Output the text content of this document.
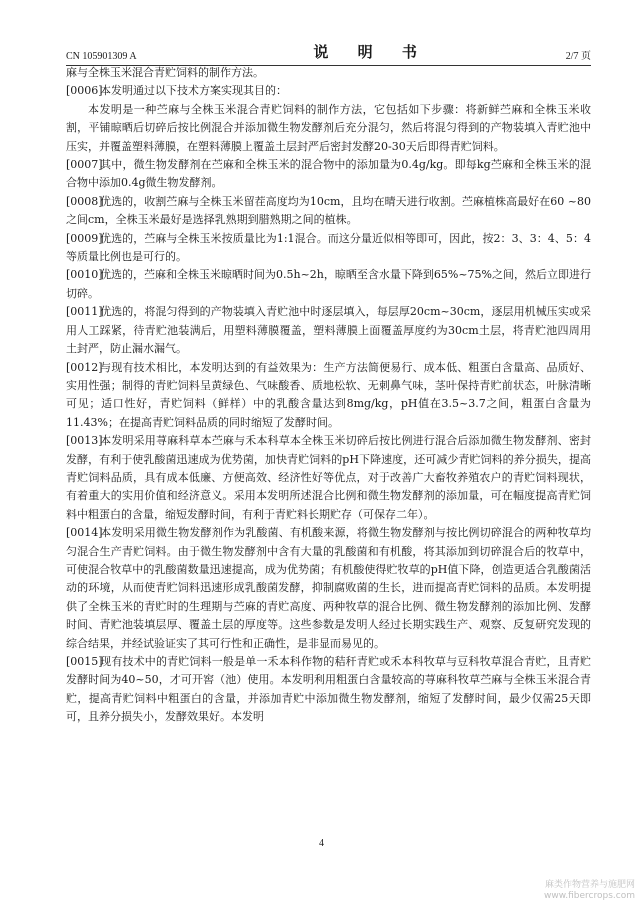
CN 105901309 A	说 明 书	2/7 页

麻与全株玉米混合青贮饲料的制作方法。

[0006]本发明通过以下技术方案实现其目的：

本发明是一种苎麻与全株玉米混合青贮饲料的制作方法，它包括如下步骤：将新鲜苎麻和全株玉米收割，平铺晾晒后切碎后按比例混合并添加微生物发酵剂后充分混匀，然后将混匀得到的产物装填入青贮池中压实，并覆盖塑料薄膜，在塑料薄膜上覆盖土层封严后密封发酵20-30天后即得青贮饲料。

[0007]其中，微生物发酵剂在苎麻和全株玉米的混合物中的添加量为0.4g/kg。即每kg苎麻和全株玉米的混合物中添加0.4g微生物发酵剂。

[0008]优选的，收割苎麻与全株玉米留茬高度均为10cm，且均在晴天进行收割。苎麻植株高最好在60 ~80之间cm，全株玉米最好是选择乳熟期到腊熟期之间的植株。

[0009]优选的，苎麻与全株玉米按质量比为1:1混合。而这分量近似相等即可，因此，按2：3、3：4、5：4等质量比例也是可行的。

[0010]优选的，苎麻和全株玉米晾晒时间为0.5h~2h，晾晒至含水量下降到65%~75%之间，然后立即进行切碎。

[0011]优选的，将混匀得到的产物装填入青贮池中时逐层填入，每层厚20cm~30cm，逐层用机械压实或采用人工踩紧，待青贮池装满后，用塑料薄膜覆盖，塑料薄膜上面覆盖厚度约为30cm土层，将青贮池四周用土封严，防止漏水漏气。

[0012]与现有技术相比，本发明达到的有益效果为：生产方法简便易行、成本低、粗蛋白含量高、品质好、实用性强；制得的青贮饲料呈黄绿色、气味酸香、质地松软、无刺鼻气味，茎叶保持青贮前状态，叶脉清晰可见；适口性好，青贮饲料（鲜样）中的乳酸含量达到8mg/kg，pH值在3.5~3.7之间，粗蛋白含量为11.43%；在提高青贮饲料品质的同时缩短了发酵时间。

[0013]本发明采用荨麻科草本苎麻与禾本科草本全株玉米切碎后按比例进行混合后添加微生物发酵剂、密封发酵，有利于使乳酸菌迅速成为优势菌，加快青贮饲料的pH下降速度，还可减少青贮饲料的养分损失，提高青贮饲料品质，具有成本低廉、方便高效、经济性好等优点，对于改善广大畜牧养殖农户的青贮饲料现状，有着重大的实用价值和经济意义。采用本发明所述混合比例和微生物发酵剂的添加量，可在幅度提高青贮饲料中粗蛋白的含量，缩短发酵时间，有利于青贮料长期贮存（可保存二年）。

[0014]本发明采用微生物发酵剂作为乳酸菌、有机酸来源，将微生物发酵剂与按比例切碎混合的两种牧草均匀混合生产青贮饲料。由于微生物发酵剂中含有大量的乳酸菌和有机酸，将其添加到切碎混合后的牧草中，可使混合牧草中的乳酸菌数量迅速提高，成为优势菌；有机酸使得贮牧草的pH值下降，创造更适合乳酸菌活动的环境，从而使青贮饲料迅速形成乳酸菌发酵，抑制腐败菌的生长，进而提高青贮饲料的品质。本发明提供了全株玉米的青贮时的生理期与苎麻的青贮高度、两种牧草的混合比例、微生物发酵剂的添加比例、发酵时间、青贮池装填层厚、覆盖土层的厚度等。这些参数是发明人经过长期实践生产、观察、反复研究发现的综合结果，并经试验证实了其可行性和正确性，是非显而易见的。

[0015]现有技术中的青贮饲料一般是单一禾本科作物的秸秆青贮或禾本科牧草与豆科牧草混合青贮，且青贮发酵时间为40~50，才可开窖（池）使用。本发明利用粗蛋白含量较高的荨麻科牧草苎麻与全株玉米混合青贮，提高青贮饲料中粗蛋白的含量，并添加青贮中添加微生物发酵剂，缩短了发酵时间，最少仅需25天即可，且养分损失小，发酵效果好。本发明

4
麻类作物营养与施肥网
www.fibercrops.com
